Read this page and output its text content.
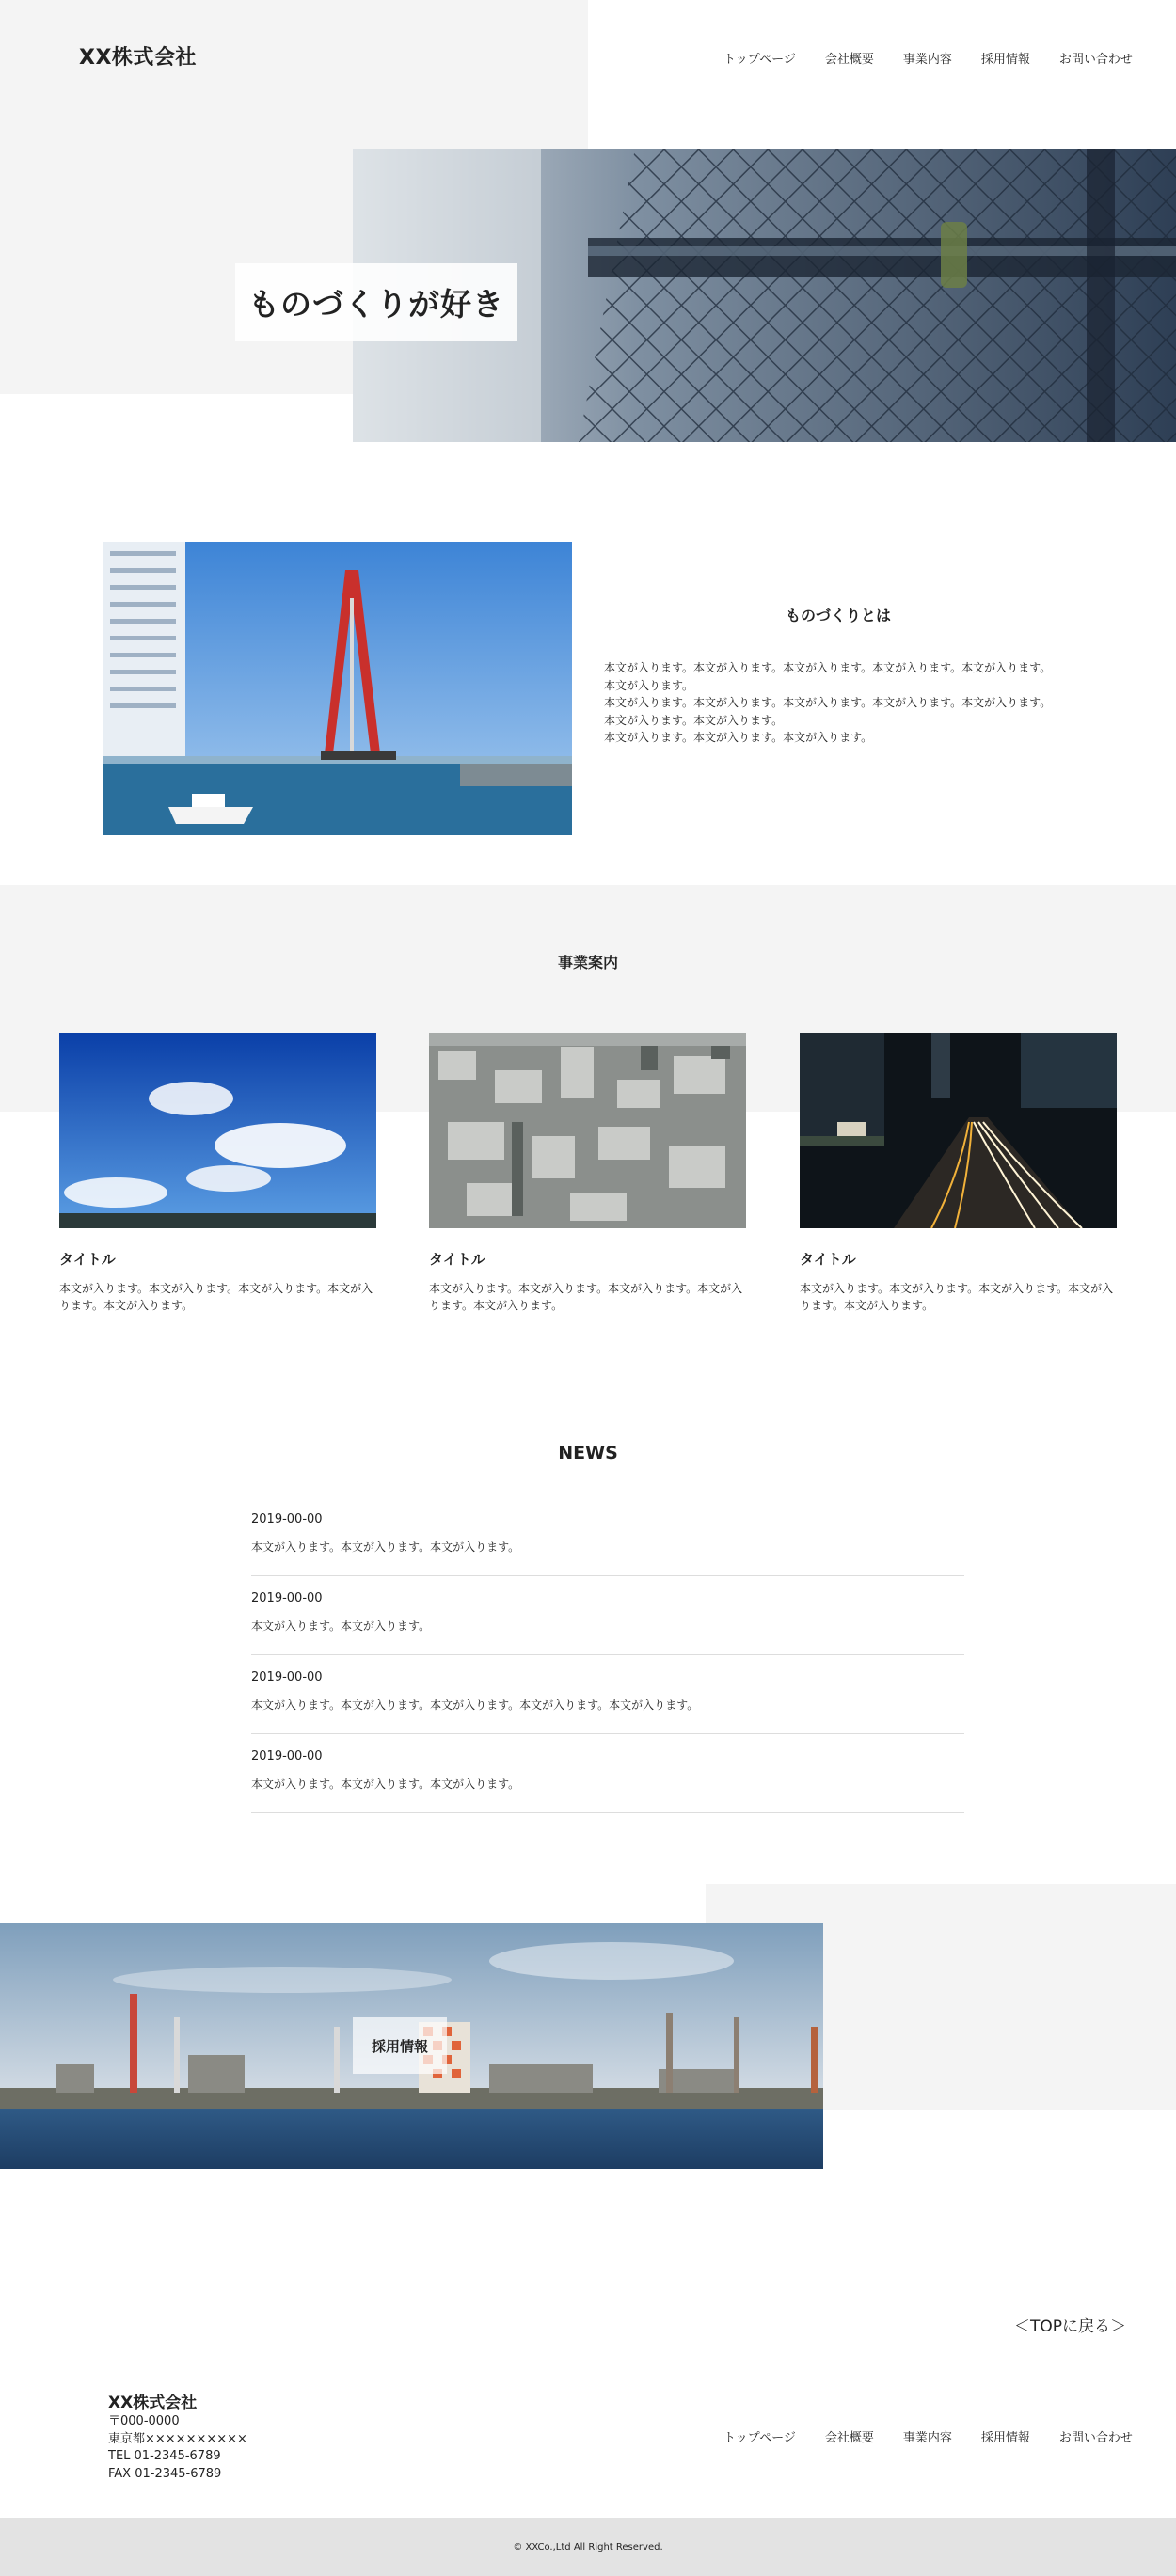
XX株式会社	トップページ 会社概要 事業内容 採用情報 お問い合わせ
ものづくりが好き
ものづくりとは
本文が入ります。本文が入ります。本文が入ります。本文が入ります。本文が入ります。
本文が入ります。
本文が入ります。本文が入ります。本文が入ります。本文が入ります。本文が入ります。
本文が入ります。本文が入ります。
本文が入ります。本文が入ります。本文が入ります。
事業案内
タイトル
本文が入ります。本文が入ります。本文が入ります。本文が入ります。本文が入ります。
タイトル
本文が入ります。本文が入ります。本文が入ります。本文が入ります。本文が入ります。
タイトル
本文が入ります。本文が入ります。本文が入ります。本文が入ります。本文が入ります。
NEWS
2019-00-00
本文が入ります。本文が入ります。本文が入ります。
2019-00-00
本文が入ります。本文が入ります。
2019-00-00
本文が入ります。本文が入ります。本文が入ります。本文が入ります。本文が入ります。
2019-00-00
本文が入ります。本文が入ります。本文が入ります。
採用情報
＜TOPに戻る＞
XX株式会社
〒000-0000
東京都××××××××××
TEL 01-2345-6789
FAX 01-2345-6789
トップページ 会社概要 事業内容 採用情報 お問い合わせ
© XXCo.,Ltd All Right Reserved.
